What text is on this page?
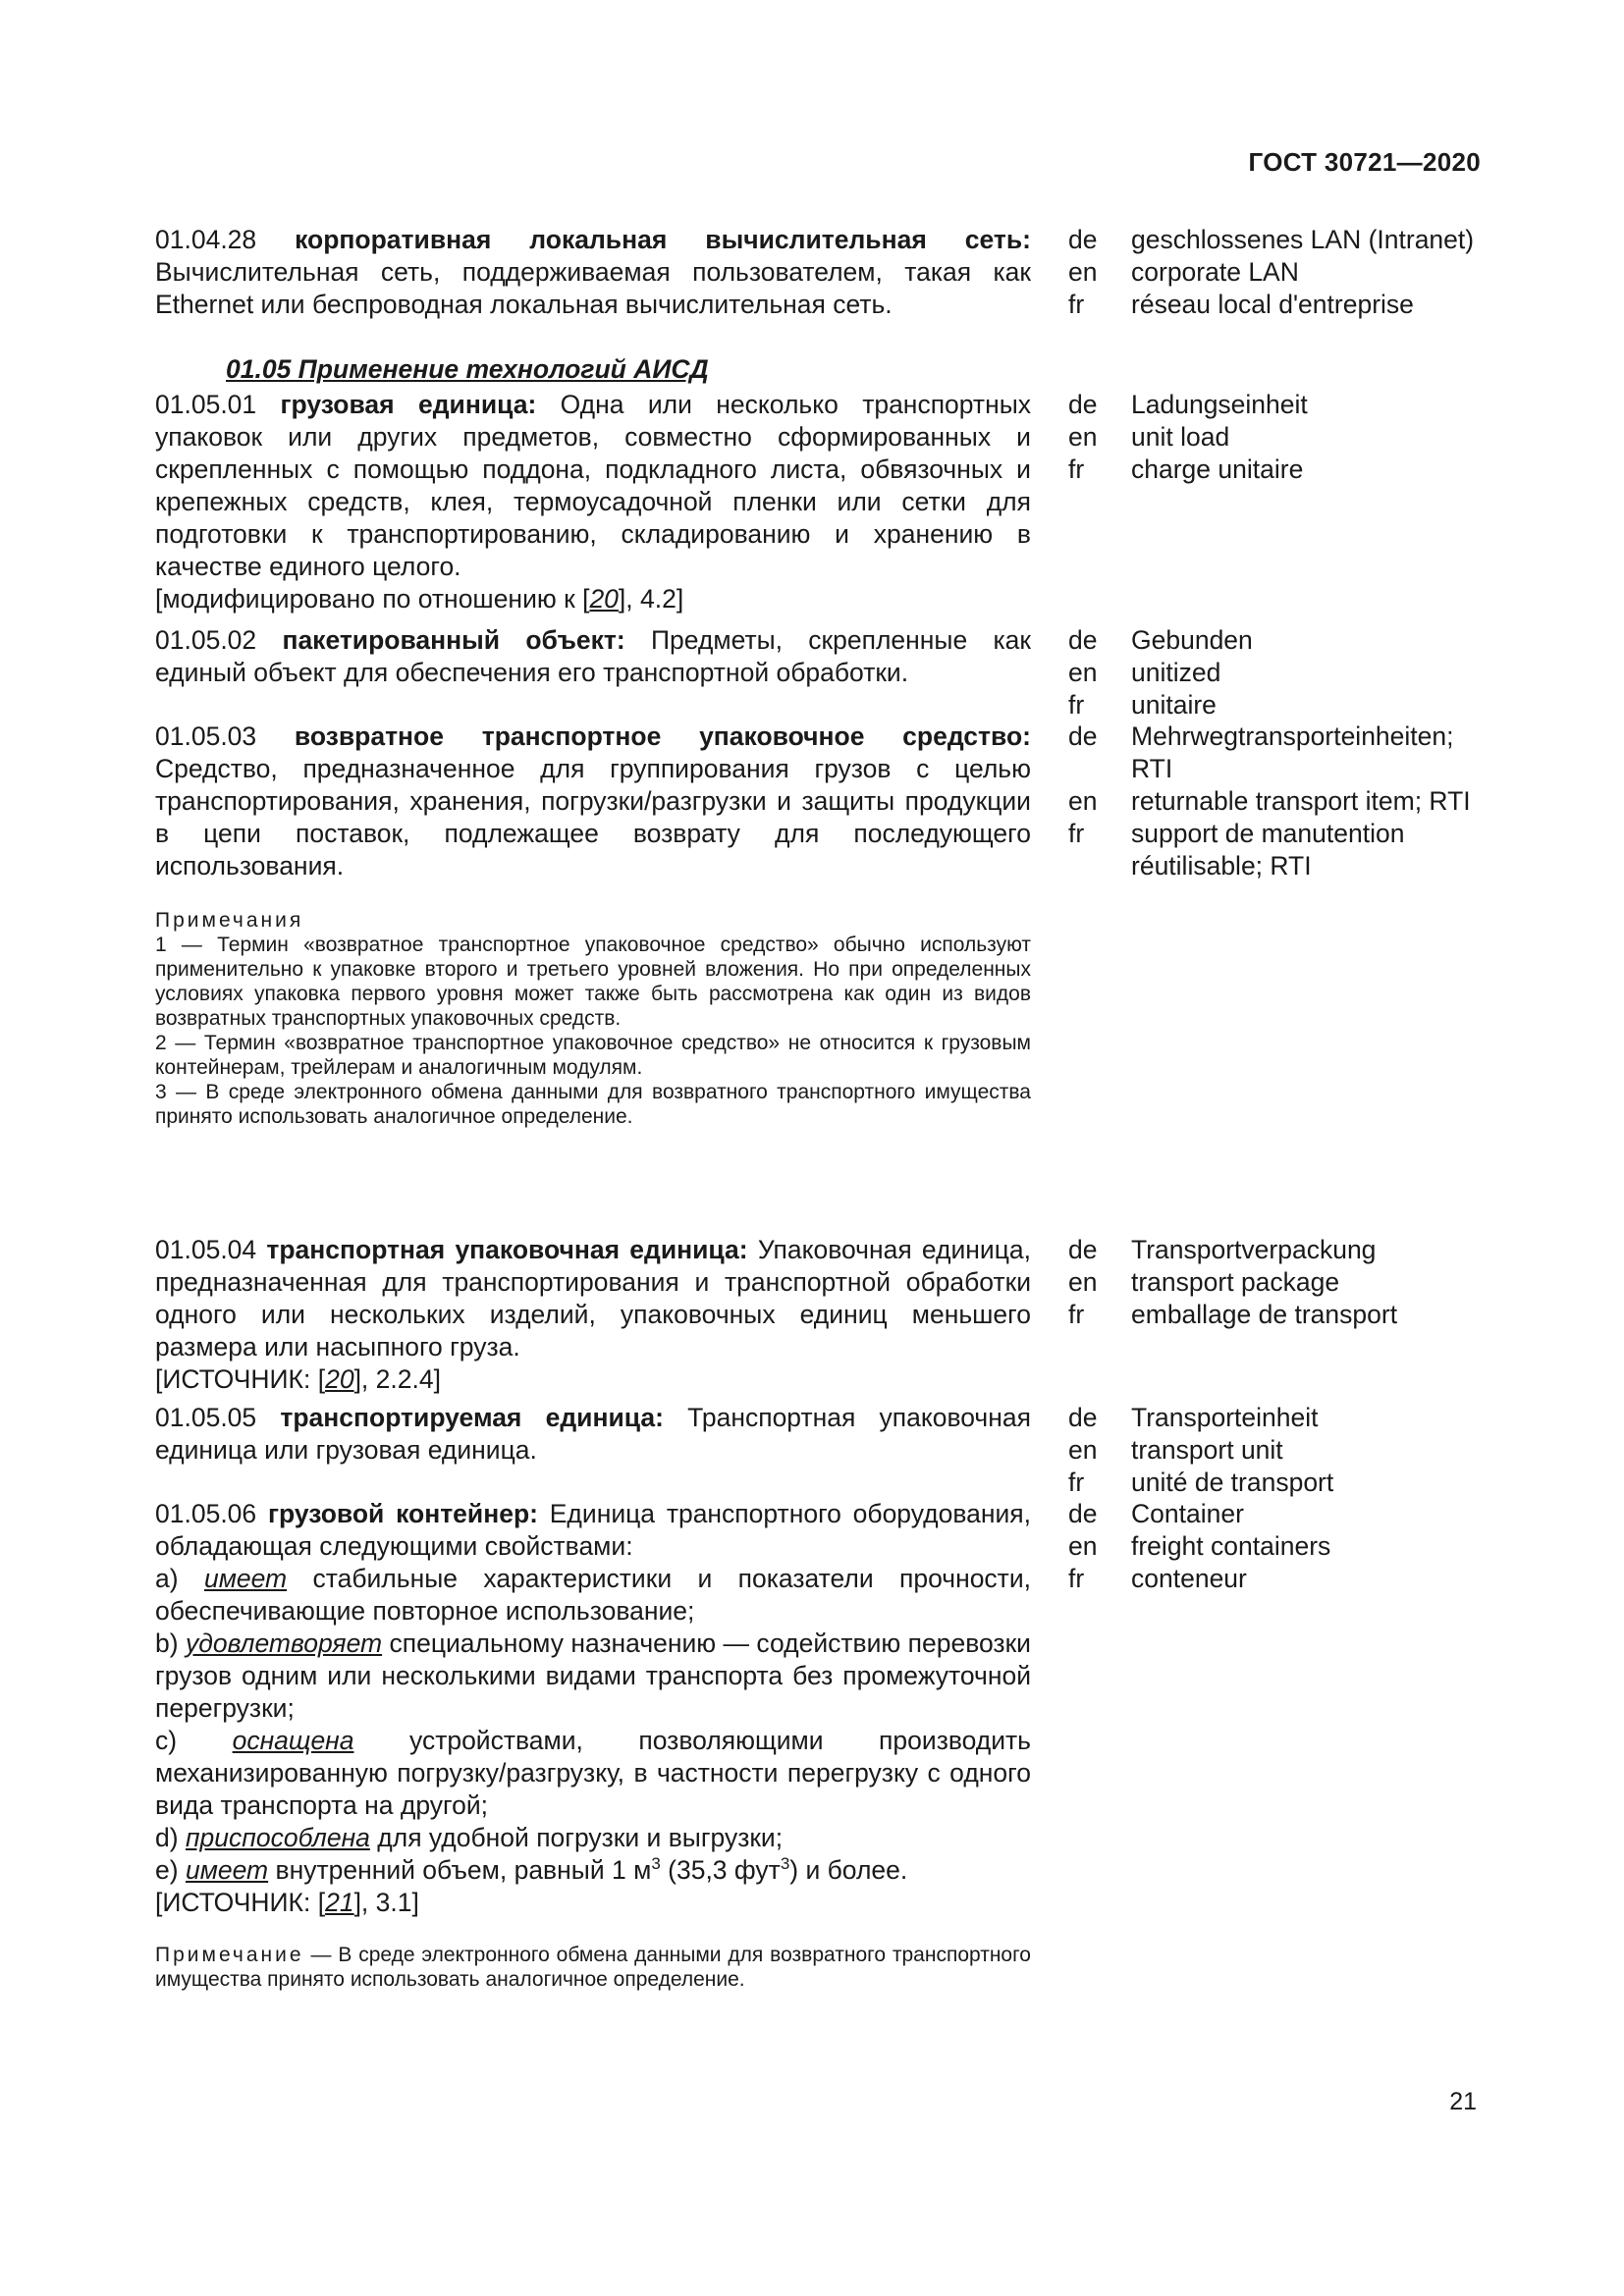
ГОСТ 30721—2020

01.04.28 корпоративная локальная вычислительная сеть: Вычислительная сеть, поддерживаемая пользователем, такая как Ethernet или беспроводная локальная вычислительная сеть.

de	geschlossenes LAN (Intranet)
en	corporate LAN
fr	réseau local d'entreprise

01.05 Применение технологий АИСД

01.05.01 грузовая единица: Одна или несколько транспортных упаковок или других предметов, совместно сформированных и скрепленных с помощью поддона, подкладного листа, обвязочных и крепежных средств, клея, термоусадочной пленки или сетки для подготовки к транспортированию, складированию и хранению в качестве единого целого.

[модифицировано по отношению к [20], 4.2]

de	Ladungseinheit
en	unit load
fr	charge unitaire

01.05.02 пакетированный объект: Предметы, скрепленные как единый объект для обеспечения его транспортной обработки.

de	Gebunden
en	unitized
fr	unitaire

01.05.03 возвратное транспортное упаковочное средство: Средство, предназначенное для группирования грузов с целью транспортирования, хранения, погрузки/разгрузки и защиты продукции в цепи поставок, подлежащее возврату для последующего использования.

Примечания

1 — Термин «возвратное транспортное упаковочное средство» обычно используют применительно к упаковке второго и третьего уровней вложения. Но при определенных условиях упаковка первого уровня может также быть рассмотрена как один из видов возвратных транспортных упаковочных средств.

2 — Термин «возвратное транспортное упаковочное средство» не относится к грузовым контейнерам, трейлерам и аналогичным модулям.

3 — В среде электронного обмена данными для возвратного транспортного имущества принято использовать аналогичное определение.

de	Mehrwegtransporteinheiten; RTI
en	returnable transport item; RTI
fr	support de manutention réutilisable; RTI

01.05.04 транспортная упаковочная единица: Упаковочная единица, предназначенная для транспортирования и транспортной обработки одного или нескольких изделий, упаковочных единиц меньшего размера или насыпного груза.

[ИСТОЧНИК: [20], 2.2.4]

de	Transportverpackung
en	transport package
fr	emballage de transport

01.05.05 транспортируемая единица: Транспортная упаковочная единица или грузовая единица.

de	Transporteinheit
en	transport unit
fr	unité de transport

01.05.06 грузовой контейнер: Единица транспортного оборудования, обладающая следующими свойствами:

a) имеет стабильные характеристики и показатели прочности, обеспечивающие повторное использование;

b) удовлетворяет специальному назначению — содействию перевозки грузов одним или несколькими видами транспорта без промежуточной перегрузки;

c) оснащена устройствами, позволяющими производить механизированную погрузку/разгрузку, в частности перегрузку с одного вида транспорта на другой;

d) приспособлена для удобной погрузки и выгрузки;

e) имеет внутренний объем, равный 1 $м^3$ (35,3 фут$^3$) и более.

[ИСТОЧНИК: [21], 3.1]

Примечание — В среде электронного обмена данными для возвратного транспортного имущества принято использовать аналогичное определение.

de	Container
en	freight containers
fr	conteneur
21
